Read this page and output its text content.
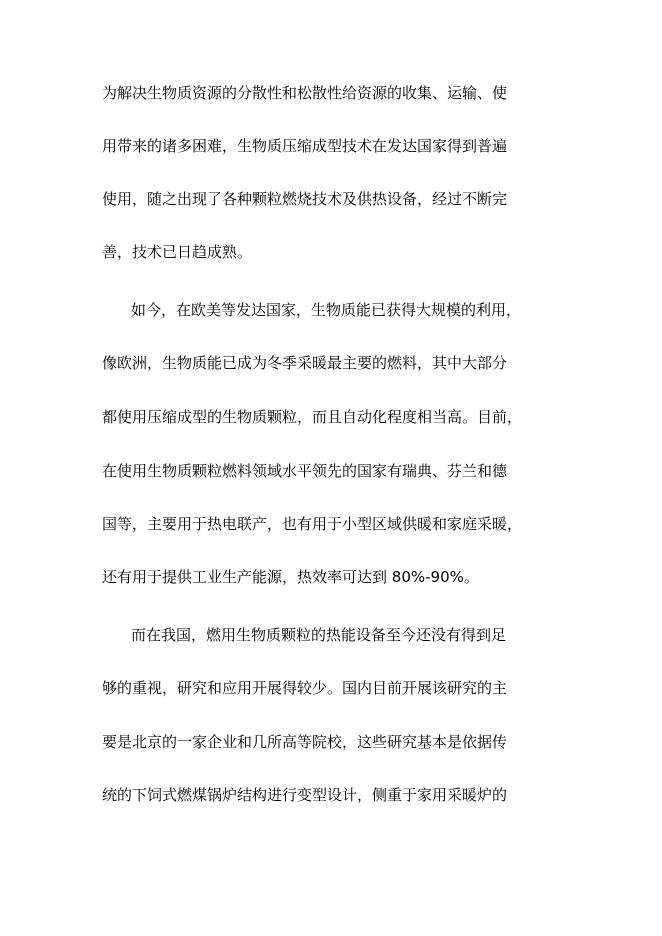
为解决生物质资源的分散性和松散性给资源的收集、运输、使

用带来的诸多困难，生物质压缩成型技术在发达国家得到普遍

使用，随之出现了各种颗粒燃烧技术及供热设备，经过不断完

善，技术已日趋成熟。

如今，在欧美等发达国家，生物质能已获得大规模的利用，

像欧洲，生物质能已成为冬季采暖最主要的燃料，其中大部分

都使用压缩成型的生物质颗粒，而且自动化程度相当高。目前，

在使用生物质颗粒燃料领域水平领先的国家有瑞典、芬兰和德

国等，主要用于热电联产，也有用于小型区域供暖和家庭采暖，

还有用于提供工业生产能源，热效率可达到 80%-90%。

而在我国，燃用生物质颗粒的热能设备至今还没有得到足

够的重视，研究和应用开展得较少。国内目前开展该研究的主

要是北京的一家企业和几所高等院校，这些研究基本是依据传

统的下饲式燃煤锅炉结构进行变型设计，侧重于家用采暖炉的
